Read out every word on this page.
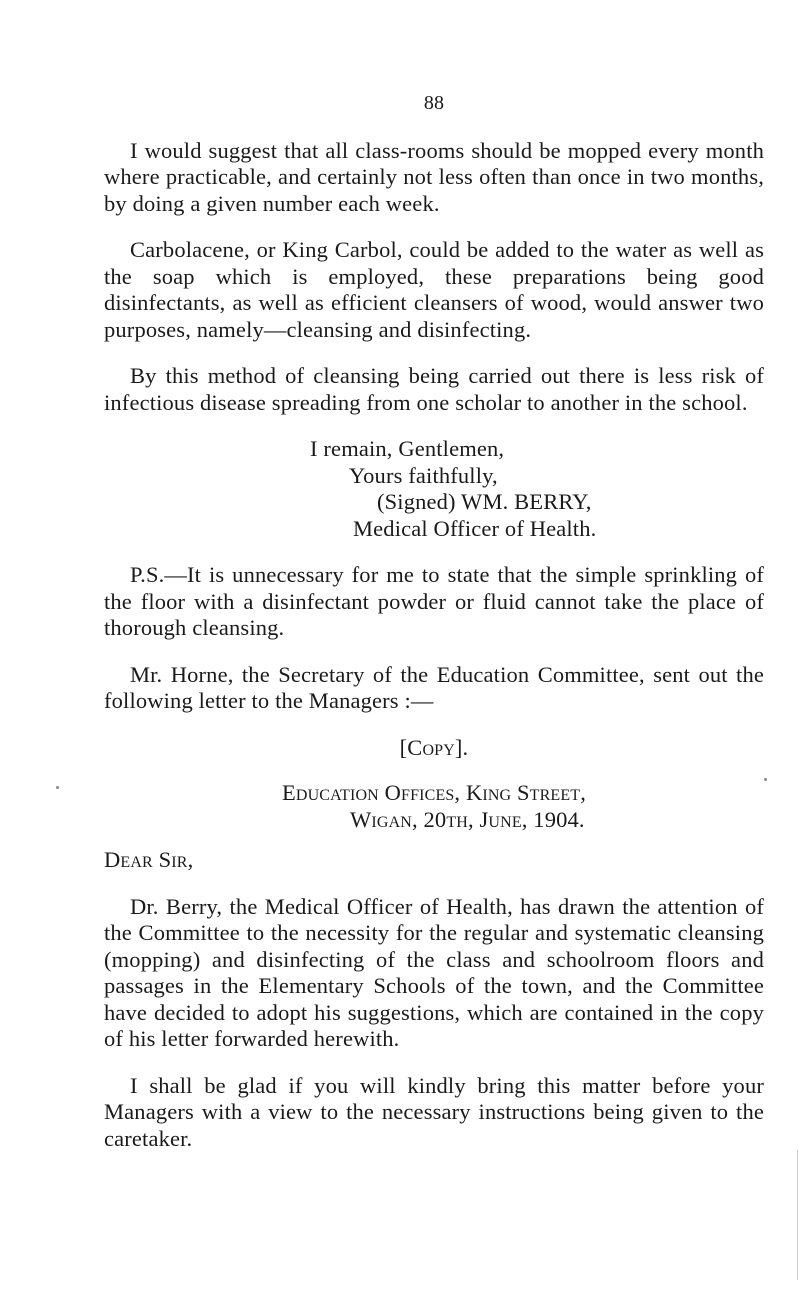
88

I would suggest that all class-rooms should be mopped every month where practicable, and certainly not less often than once in two months, by doing a given number each week.

Carbolacene, or King Carbol, could be added to the water as well as the soap which is employed, these preparations being good disinfectants, as well as efficient cleansers of wood, would answer two purposes, namely—cleansing and disinfecting.

By this method of cleansing being carried out there is less risk of infectious disease spreading from one scholar to another in the school.

I remain, Gentlemen,
Yours faithfully,
(Signed) WM. BERRY,
Medical Officer of Health.

P.S.—It is unnecessary for me to state that the simple sprinkling of the floor with a disinfectant powder or fluid cannot take the place of thorough cleansing.

Mr. Horne, the Secretary of the Education Committee, sent out the following letter to the Managers :—

[Copy].
Education Offices, King Street,
Wigan, 20th, June, 1904.
Dear Sir,

Dr. Berry, the Medical Officer of Health, has drawn the attention of the Committee to the necessity for the regular and systematic cleansing (mopping) and disinfecting of the class and schoolroom floors and passages in the Elementary Schools of the town, and the Committee have decided to adopt his suggestions, which are contained in the copy of his letter forwarded herewith.

I shall be glad if you will kindly bring this matter before your Managers with a view to the necessary instructions being given to the caretaker.
